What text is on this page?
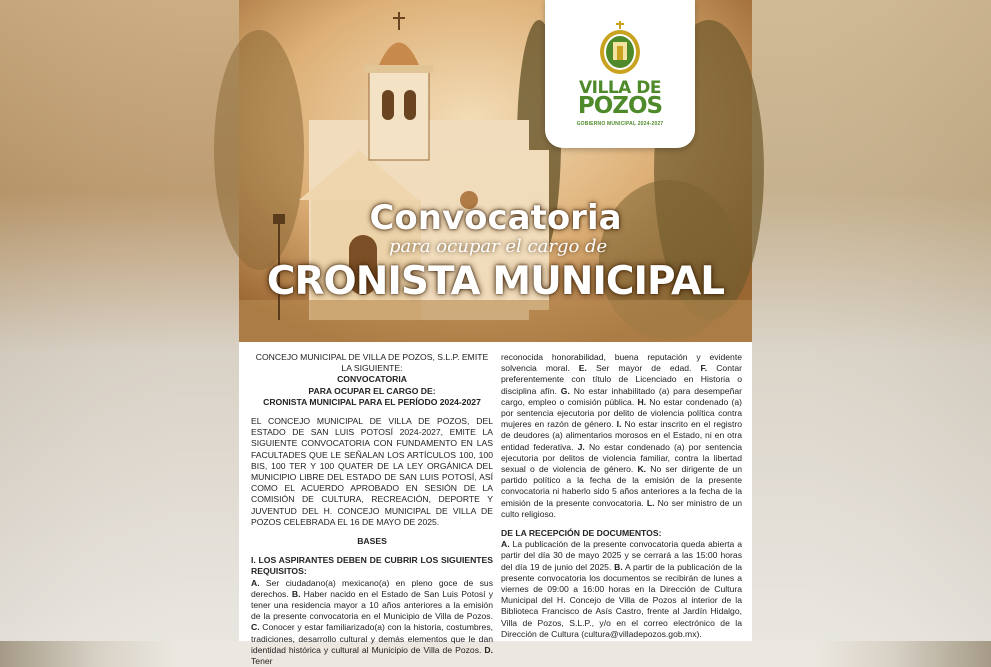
Convocatoria
para ocupar el cargo de
CRONISTA MUNICIPAL
VILLA DE
POZOS
GOBIERNO MUNICIPAL 2024-2027
CONCEJO MUNICIPAL DE VILLA DE POZOS, S.L.P. EMITE LA SIGUIENTE:
CONVOCATORIA
PARA OCUPAR EL CARGO DE:
CRONISTA MUNICIPAL PARA EL PERÍODO 2024-2027
EL CONCEJO MUNICIPAL DE VILLA DE POZOS, DEL ESTADO DE SAN LUIS POTOSÍ 2024-2027, EMITE LA SIGUIENTE CONVOCATORIA CON FUNDAMENTO EN LAS FACULTADES QUE LE SEÑALAN LOS ARTÍCULOS 100, 100 BIS, 100 TER Y 100 QUATER DE LA LEY ORGÁNICA DEL MUNICIPIO LIBRE DEL ESTADO DE SAN LUIS POTOSÍ, ASÍ COMO EL ACUERDO APROBADO EN SESIÓN DE LA COMISIÓN DE CULTURA, RECREACIÓN, DEPORTE Y JUVENTUD DEL H. CONCEJO MUNICIPAL DE VILLA DE POZOS CELEBRADA EL 16 DE MAYO DE 2025.
BASES
I. LOS ASPIRANTES DEBEN DE CUBRIR LOS SIGUIENTES REQUISITOS:
A. Ser ciudadano(a) mexicano(a) en pleno goce de sus derechos. B. Haber nacido en el Estado de San Luis Potosí y tener una residencia mayor a 10 años anteriores a la emisión de la presente convocatoria en el Municipio de Villa de Pozos. C. Conocer y estar familiarizado(a) con la historia, costumbres, tradiciones, desarrollo cultural y demás elementos que le dan identidad histórica y cultural al Municipio de Villa de Pozos. D. Tener
reconocida honorabilidad, buena reputación y evidente solvencia moral. E. Ser mayor de edad. F. Contar preferentemente con título de Licenciado en Historia o disciplina afín. G. No estar inhabilitado (a) para desempeñar cargo, empleo o comisión pública. H. No estar condenado (a) por sentencia ejecutoria por delito de violencia política contra mujeres en razón de género. I. No estar inscrito en el registro de deudores (a) alimentarios morosos en el Estado, ni en otra entidad federativa. J. No estar condenado (a) por sentencia ejecutoria por delitos de violencia familiar, contra la libertad sexual o de violencia de género. K. No ser dirigente de un partido político a la fecha de la emisión de la presente convocatoria ni haberlo sido 5 años anteriores a la fecha de la emisión de la presente convocatoria. L. No ser ministro de un culto religioso.
DE LA RECEPCIÓN DE DOCUMENTOS:
A. La publicación de la presente convocatoria queda abierta a partir del día 30 de mayo 2025 y se cerrará a las 15:00 horas del día 19 de junio del 2025. B. A partir de la publicación de la presente convocatoria los documentos se recibirán de lunes a viernes de 09:00 a 16:00 horas en la Dirección de Cultura Municipal del H. Concejo de Villa de Pozos al interior de la Biblioteca Francisco de Asís Castro, frente al Jardín Hidalgo, Villa de Pozos, S.L.P., y/o en el correo electrónico de la Dirección de Cultura (cultura@villadepozos.gob.mx).
